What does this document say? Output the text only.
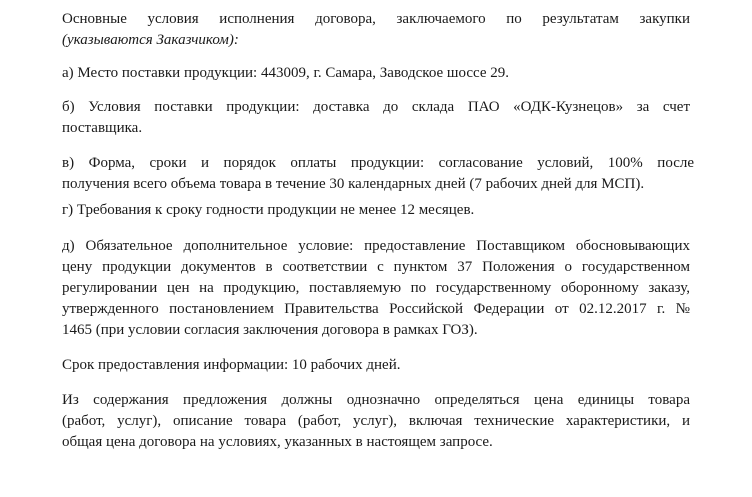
Основные условия исполнения договора, заключаемого по результатам закупки
(указываются Заказчиком):
а) Место поставки продукции: 443009, г. Самара, Заводское шоссе 29.
б) Условия поставки продукции: доставка до склада ПАО «ОДК-Кузнецов» за счет
поставщика.
в) Форма, сроки и порядок оплаты продукции: согласование условий, 100% после
получения всего объема товара в течение 30 календарных дней (7 рабочих дней для МСП).
г) Требования к сроку годности продукции не менее 12 месяцев.
д) Обязательное дополнительное условие: предоставление Поставщиком обосновывающих
цену продукции документов в соответствии с пунктом 37 Положения о государственном
регулировании цен на продукцию, поставляемую по государственному оборонному заказу,
утвержденного постановлением Правительства Российской Федерации от 02.12.2017 г. №
1465 (при условии согласия заключения договора в рамках ГОЗ).
Срок предоставления информации: 10 рабочих дней.
Из содержания предложения должны однозначно определяться цена единицы товара
(работ, услуг), описание товара (работ, услуг), включая технические характеристики, и
общая цена договора на условиях, указанных в настоящем запросе.
